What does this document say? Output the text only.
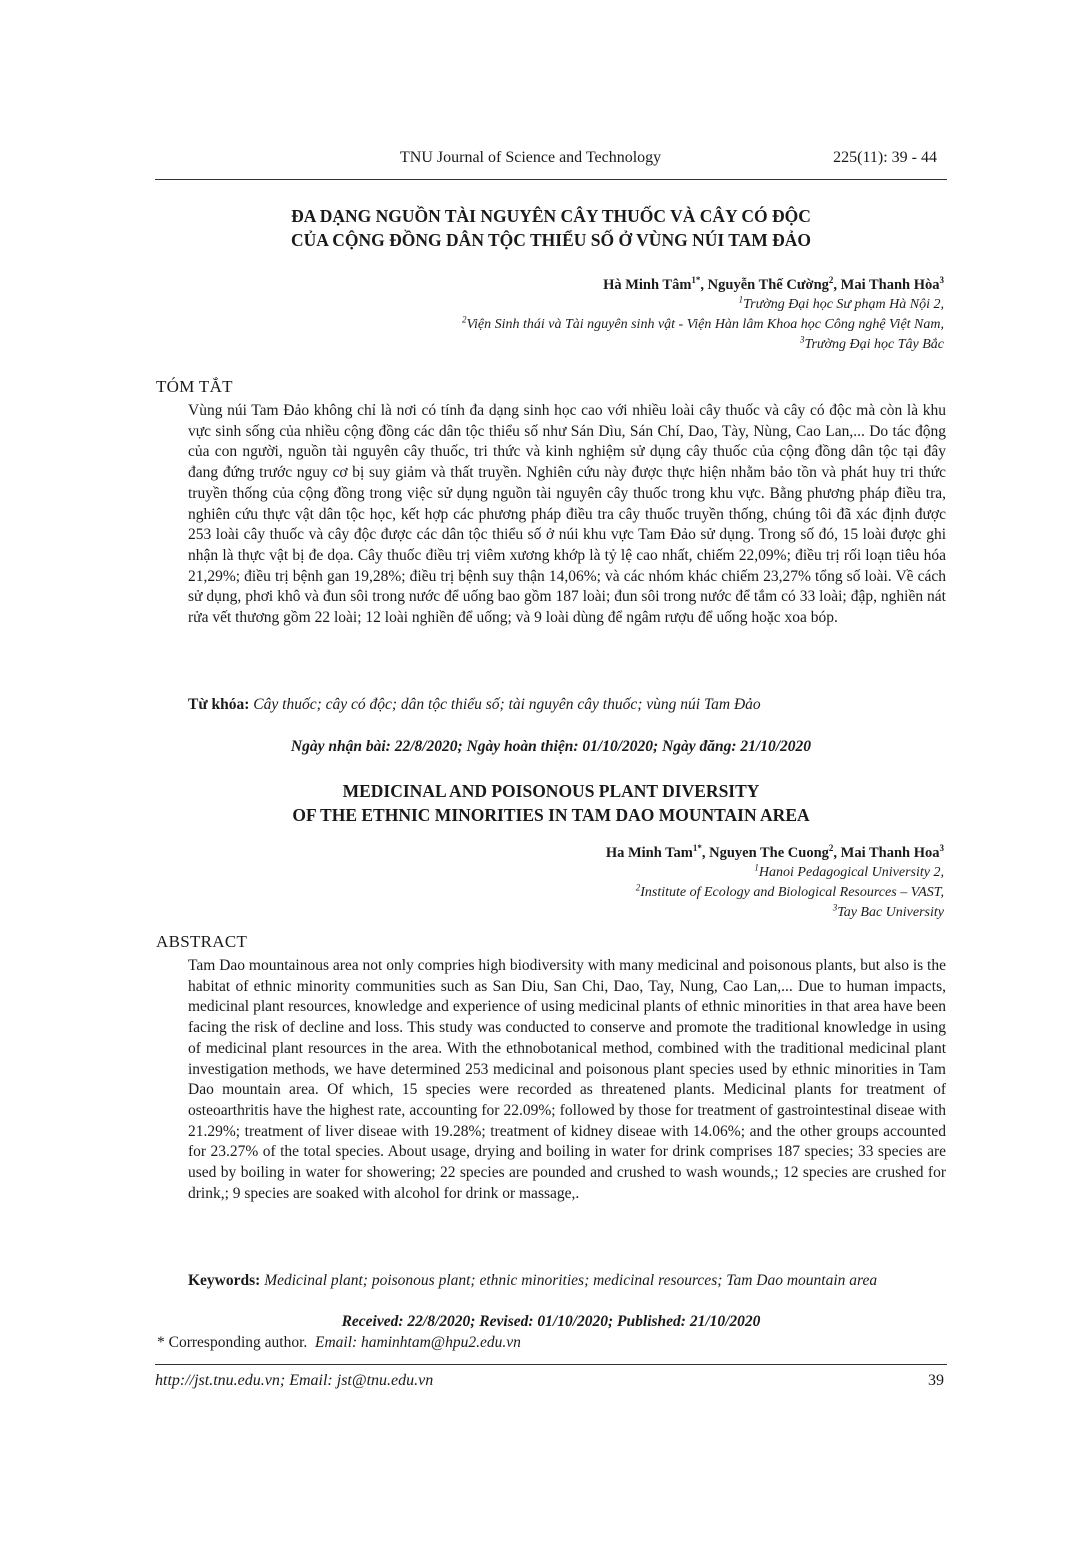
TNU Journal of Science and Technology	225(11): 39 - 44
ĐA DẠNG NGUỒN TÀI NGUYÊN CÂY THUỐC VÀ CÂY CÓ ĐỘC
CỦA CỘNG ĐỒNG DÂN TỘC THIỂU SỐ Ở VÙNG NÚI TAM ĐẢO
Hà Minh Tâm$^{1*}$, Nguyễn Thế Cường$^2$, Mai Thanh Hòa$^3$
$^1$Trường Đại học Sư phạm Hà Nội 2,
$^2$Viện Sinh thái và Tài nguyên sinh vật - Viện Hàn lâm Khoa học Công nghệ Việt Nam,
$^3$Trường Đại học Tây Bắc
TÓM TẮT
Vùng núi Tam Đảo không chỉ là nơi có tính đa dạng sinh học cao với nhiều loài cây thuốc và cây có độc mà còn là khu vực sinh sống của nhiều cộng đồng các dân tộc thiểu số như Sán Dìu, Sán Chí, Dao, Tày, Nùng, Cao Lan,... Do tác động của con người, nguồn tài nguyên cây thuốc, tri thức và kinh nghiệm sử dụng cây thuốc của cộng đồng dân tộc tại đây đang đứng trước nguy cơ bị suy giảm và thất truyền. Nghiên cứu này được thực hiện nhằm bảo tồn và phát huy tri thức truyền thống của cộng đồng trong việc sử dụng nguồn tài nguyên cây thuốc trong khu vực. Bằng phương pháp điều tra, nghiên cứu thực vật dân tộc học, kết hợp các phương pháp điều tra cây thuốc truyền thống, chúng tôi đã xác định được 253 loài cây thuốc và cây độc được các dân tộc thiểu số ở núi khu vực Tam Đảo sử dụng. Trong số đó, 15 loài được ghi nhận là thực vật bị đe dọa. Cây thuốc điều trị viêm xương khớp là tỷ lệ cao nhất, chiếm 22,09%; điều trị rối loạn tiêu hóa 21,29%; điều trị bệnh gan 19,28%; điều trị bệnh suy thận 14,06%; và các nhóm khác chiếm 23,27% tổng số loài. Về cách sử dụng, phơi khô và đun sôi trong nước để uống bao gồm 187 loài; đun sôi trong nước để tắm có 33 loài; đập, nghiền nát rửa vết thương gồm 22 loài; 12 loài nghiền để uống; và 9 loài dùng để ngâm rượu để uống hoặc xoa bóp.
Từ khóa: Cây thuốc; cây có độc; dân tộc thiểu số; tài nguyên cây thuốc; vùng núi Tam Đảo
Ngày nhận bài: 22/8/2020; Ngày hoàn thiện: 01/10/2020; Ngày đăng: 21/10/2020
MEDICINAL AND POISONOUS PLANT DIVERSITY
OF THE ETHNIC MINORITIES IN TAM DAO MOUNTAIN AREA
Ha Minh Tam$^{1*}$, Nguyen The Cuong$^2$, Mai Thanh Hoa$^3$
$^1$Hanoi Pedagogical University 2,
$^2$Institute of Ecology and Biological Resources – VAST,
$^3$Tay Bac University
ABSTRACT
Tam Dao mountainous area not only compries high biodiversity with many medicinal and poisonous plants, but also is the habitat of ethnic minority communities such as San Diu, San Chi, Dao, Tay, Nung, Cao Lan,... Due to human impacts, medicinal plant resources, knowledge and experience of using medicinal plants of ethnic minorities in that area have been facing the risk of decline and loss. This study was conducted to conserve and promote the traditional knowledge in using of medicinal plant resources in the area. With the ethnobotanical method, combined with the traditional medicinal plant investigation methods, we have determined 253 medicinal and poisonous plant species used by ethnic minorities in Tam Dao mountain area. Of which, 15 species were recorded as threatened plants. Medicinal plants for treatment of osteoarthritis have the highest rate, accounting for 22.09%; followed by those for treatment of gastrointestinal diseae with 21.29%; treatment of liver diseae with 19.28%; treatment of kidney diseae with 14.06%; and the other groups accounted for 23.27% of the total species. About usage, drying and boiling in water for drink comprises 187 species; 33 species are used by boiling in water for showering; 22 species are pounded and crushed to wash wounds,; 12 species are crushed for drink,; 9 species are soaked with alcohol for drink or massage,.
Keywords: Medicinal plant; poisonous plant; ethnic minorities; medicinal resources; Tam Dao mountain area
Received: 22/8/2020; Revised: 01/10/2020; Published: 21/10/2020
* Corresponding author. Email: haminhtam@hpu2.edu.vn
http://jst.tnu.edu.vn; Email: jst@tnu.edu.vn	39
